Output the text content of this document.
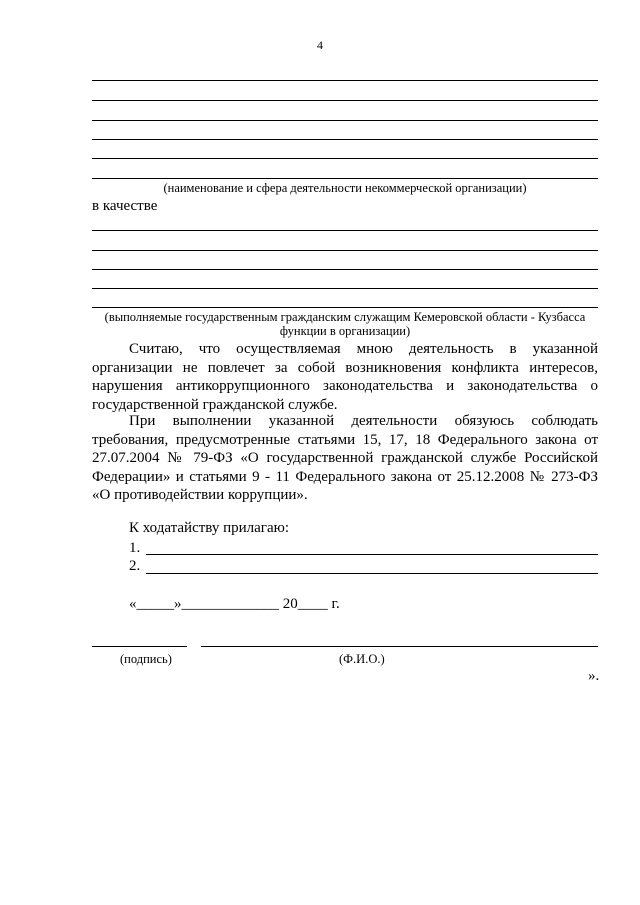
4
(наименование и сфера деятельности некоммерческой организации)
в качестве
(выполняемые государственным гражданским служащим Кемеровской области - Кузбасса
функции в организации)
Считаю, что осуществляемая мною деятельность в указанной организации не повлечет за собой возникновения конфликта интересов, нарушения антикоррупционного законодательства и законодательства о государственной гражданской службе.
При выполнении указанной деятельности обязуюсь соблюдать требования, предусмотренные статьями 15, 17, 18 Федерального закона от 27.07.2004 № 79-ФЗ «О государственной гражданской службе Российской Федерации» и статьями 9 - 11 Федерального закона от 25.12.2008 № 273-ФЗ «О противодействии коррупции».
К ходатайству прилагаю:
1.
2.
«_____»_____________ 20____ г.
(подпись)	(Ф.И.О.)
».
